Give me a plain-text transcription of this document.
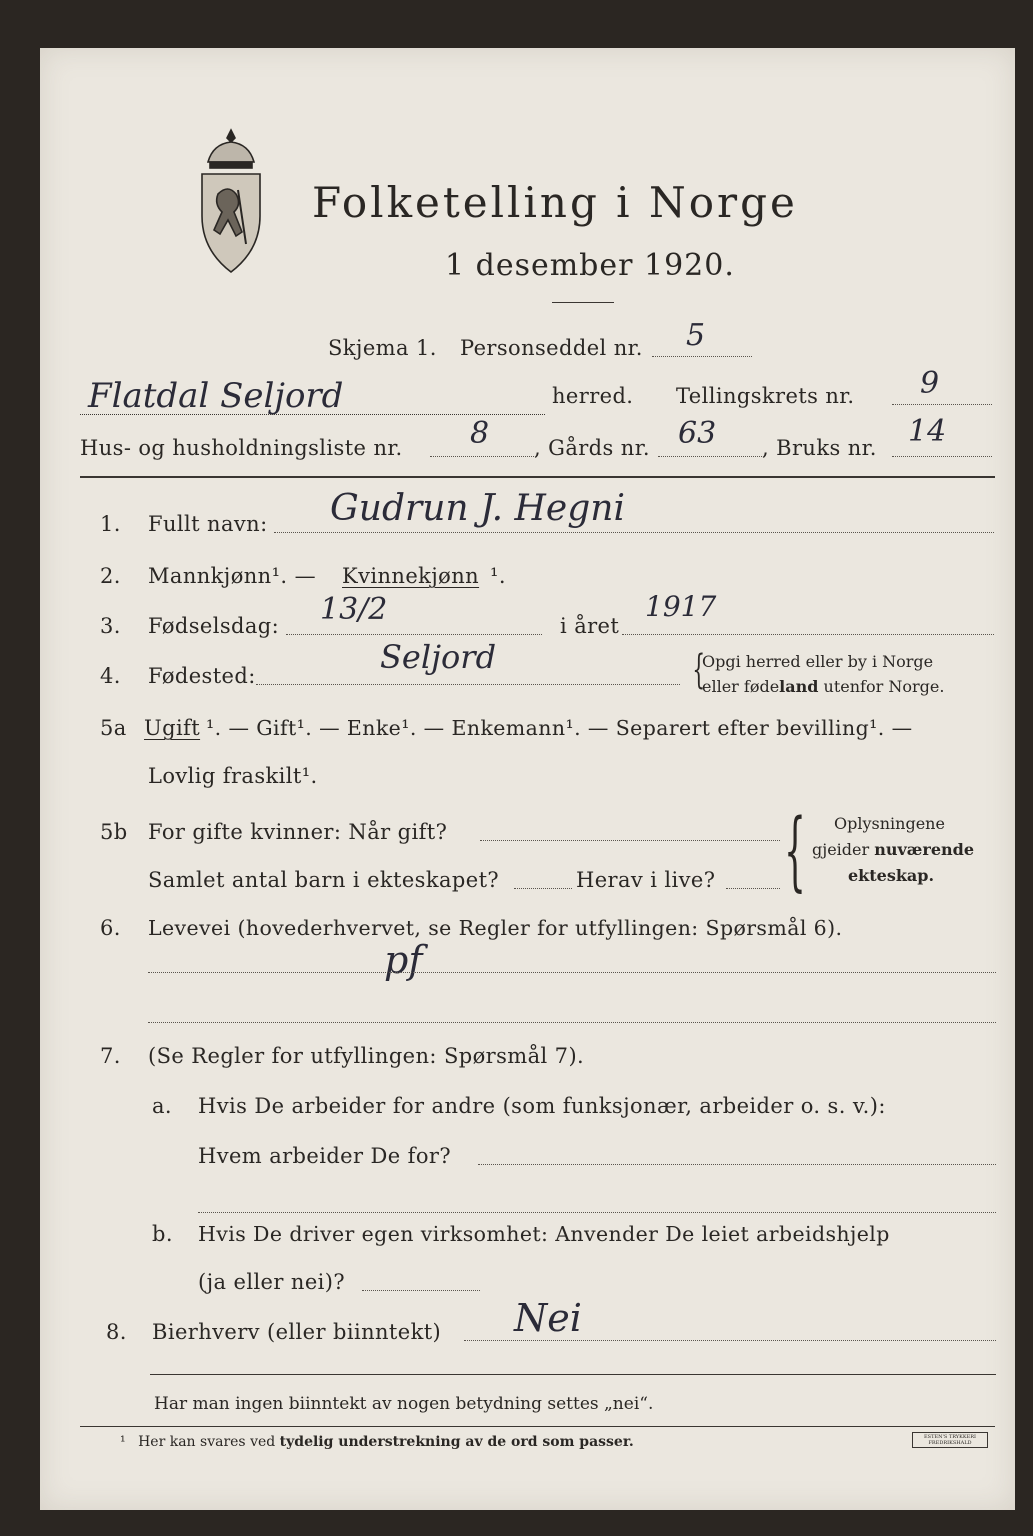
Folketelling i Norge
1 desember 1920.
Skjema 1. Personseddel nr. 5
Flatdal Seljord	herred. Tellingskrets nr. 9
Hus- og husholdningsliste nr. 8 , Gårds nr. 63 , Bruks nr. 14
1. Fullt navn: Gudrun J. Hegni
2. Mannkjønn¹. — Kvinnekjønn ¹.
3. Fødselsdag: 13/2	i året
1917
4. Fødested:	Seljord	{
Opgi herred eller by i Norge
eller fødeland utenfor Norge.
5a Ugift ¹. — Gift¹. — Enke¹. — Enkemann¹. — Separert efter bevilling¹. —
Lovlig fraskilt¹.
5b For gifte kvinner: Når gift?
Samlet antal barn i ekteskapet?	Herav i live? { Oplysningene
gjeider nuværende
ekteskap.
6. Levevei (hovederhvervet, se Regler for utfyllingen: Spørsmål 6).
pf
7. (Se Regler for utfyllingen: Spørsmål 7).
a. Hvis De arbeider for andre (som funksjonær, arbeider o. s. v.):
Hvem arbeider De for?
b. Hvis De driver egen virksomhet: Anvender De leiet arbeidshjelp
(ja eller nei)?
8. Bierhverv (eller biinntekt) Nei
Har man ingen biinntekt av nogen betydning settes „nei“.
¹ Her kan svares ved tydelig understrekning av de ord som passer.	ESTEN'S TRYKKERI FREDRIKSHALD
